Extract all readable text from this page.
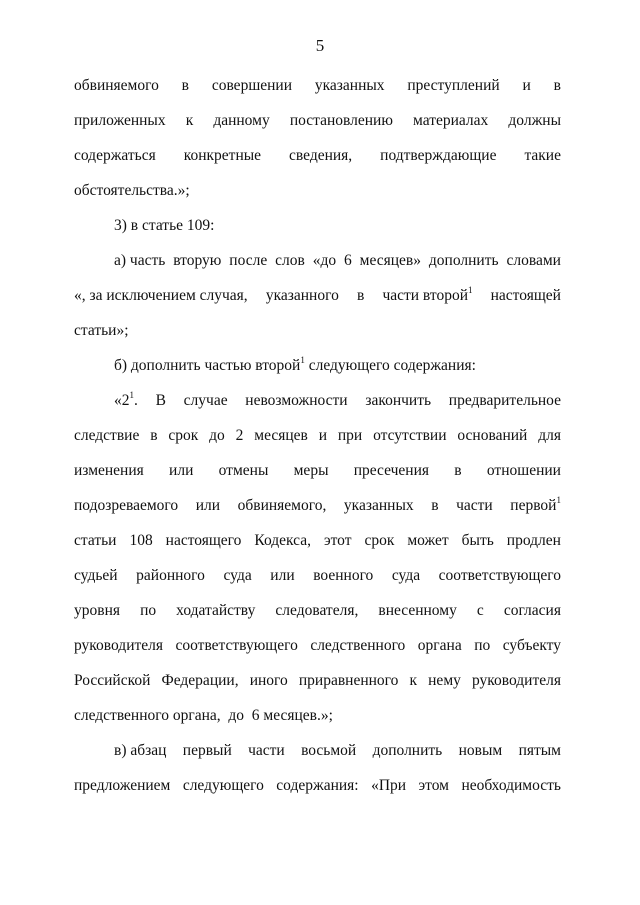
5
обвиняемого в совершении указанных преступлений и в
приложенных к данному постановлению материалах должны
содержаться конкретные сведения, подтверждающие такие
обстоятельства.»;
3) в статье 109:
а) часть вторую после слов «до 6 месяцев» дополнить словами
«, за исключением случая, указанного в части второй$^1$ настоящей
статьи»;
б) дополнить частью второй$^1$ следующего содержания:
«$2^1$. В случае невозможности закончить предварительное
следствие в срок до 2 месяцев и при отсутствии оснований для
изменения или отмены меры пресечения в отношении
подозреваемого или обвиняемого, указанных в части первой$^1$
статьи 108 настоящего Кодекса, этот срок может быть продлен
судьей районного суда или военного суда соответствующего
уровня по ходатайству следователя, внесенному с согласия
руководителя соответствующего следственного органа по субъекту
Российской Федерации, иного приравненного к нему руководителя
следственного органа,  до  6 месяцев.»;
в) абзац первый части восьмой дополнить новым пятым
предложением следующего содержания: «При этом необходимость
